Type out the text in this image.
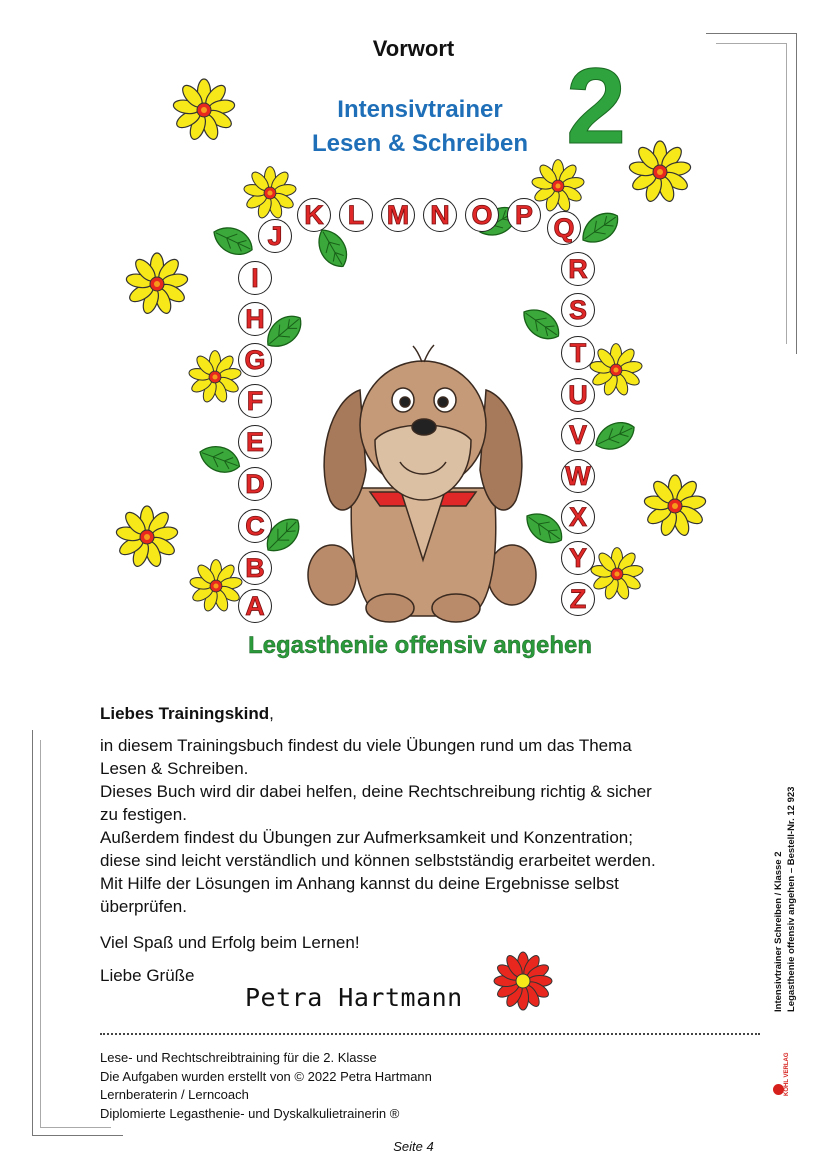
Vorwort
Intensivtrainer
Lesen & Schreiben 2
A
B
C
D
E
F
G
H
I
J
K L M N O P Q
R
S
T
U
V
W
X
Y
Z
Legasthenie offensiv angehen
Liebes Trainingskind,
in diesem Trainingsbuch findest du viele Übungen rund um das Thema
Lesen & Schreiben.
Dieses Buch wird dir dabei helfen, deine Rechtschreibung richtig & sicher
zu festigen.
Außerdem findest du Übungen zur Aufmerksamkeit und Konzentration;
diese sind leicht verständlich und können selbstständig erarbeitet werden.
Mit Hilfe der Lösungen im Anhang kannst du deine Ergebnisse selbst
überprüfen.
Viel Spaß und Erfolg beim Lernen!
Liebe Grüße
Petra Hartmann
Lese- und Rechtschreibtraining für die 2. Klasse
Die Aufgaben wurden erstellt von © 2022 Petra Hartmann
Lernberaterin / Lerncoach
Diplomierte Legasthenie- und Dyskalkulietrainerin ®
Seite 4
Intensivtrainer Schreiben / Klasse 2 Legasthenie offensiv angehen – Bestell-Nr. 12 923
KOHL VERLAG
